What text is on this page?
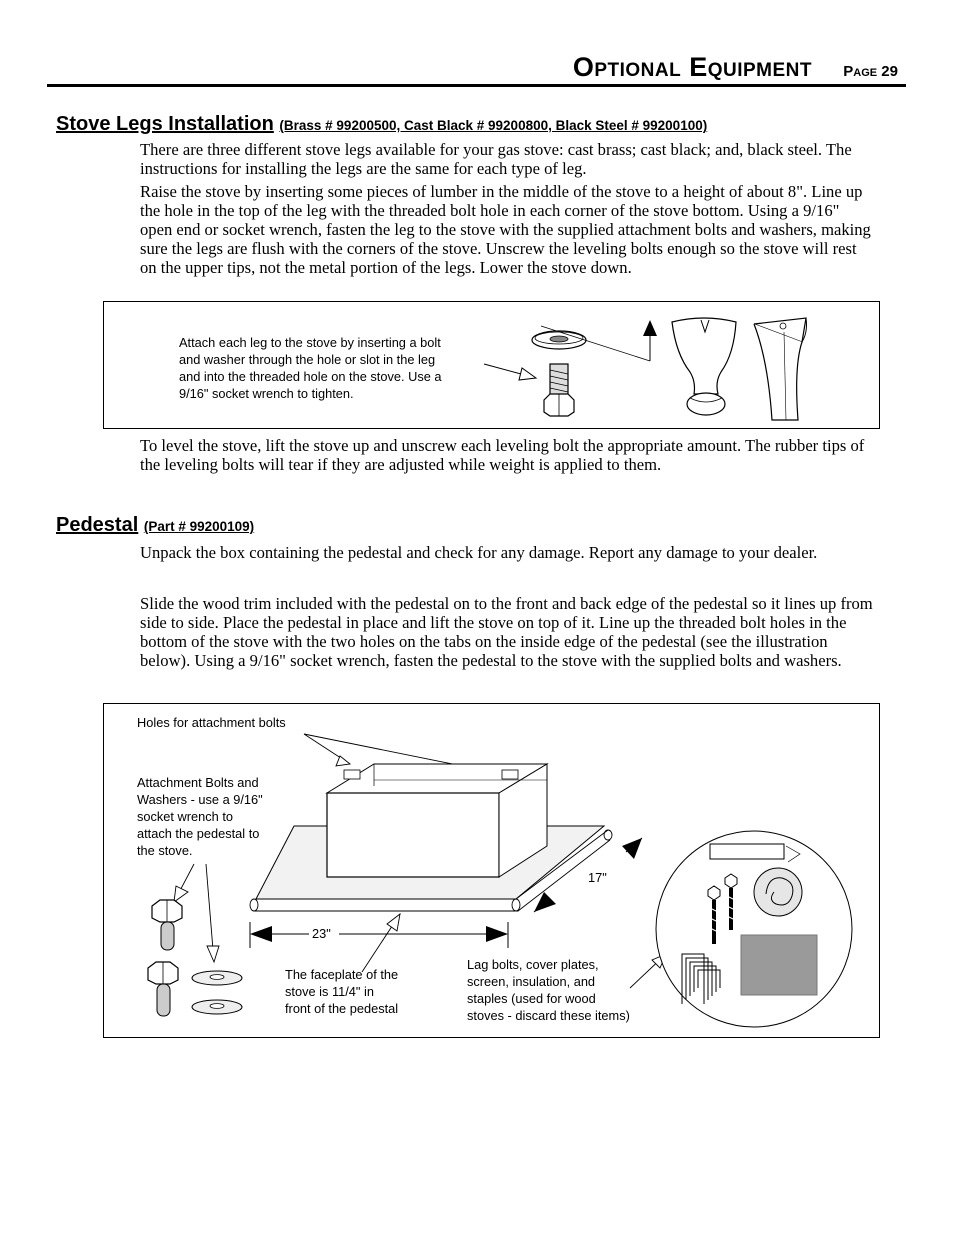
Optional Equipment Page 29
Stove Legs Installation (Brass # 99200500, Cast Black # 99200800, Black Steel # 99200100)

There are three different stove legs available for your gas stove: cast brass; cast black; and, black steel. The instructions for installing the legs are the same for each type of leg.

Raise the stove by inserting some pieces of lumber in the middle of the stove to a height of about 8". Line up the hole in the top of the leg with the threaded bolt hole in each corner of the stove bottom. Using a 9/16" open end or socket wrench, fasten the leg to the stove with the supplied attachment bolts and washers, making sure the legs are flush with the corners of the stove. Unscrew the leveling bolts enough so the stove will rest on the upper tips, not the metal portion of the legs. Lower the stove down.

Attach each leg to the stove by inserting a bolt
and washer through the hole or slot in the leg
and into the threaded hole on the stove. Use a
9/16" socket wrench to tighten.

To level the stove, lift the stove up and unscrew each leveling bolt the appropriate amount. The rubber tips of the leveling bolts will tear if they are adjusted while weight is applied to them.

Pedestal (Part # 99200109)

Unpack the box containing the pedestal and check for any damage. Report any damage to your dealer.

Slide the wood trim included with the pedestal on to the front and back edge of the pedestal so it lines up from side to side. Place the pedestal in place and lift the stove on top of it. Line up the threaded bolt holes in the bottom of the stove with the two holes on the tabs on the inside edge of the pedestal (see the illustration below). Using a 9/16" socket wrench, fasten the pedestal to the stove with the supplied bolts and washers.

Holes for attachment bolts
Attachment Bolts and
Washers - use a 9/16"
socket wrench to
attach the pedestal to
the stove.
23"
17"
The faceplate of the
stove is 11/4" in
front of the pedestal
Lag bolts, cover plates,
screen, insulation, and
staples (used for wood
stoves - discard these items)
